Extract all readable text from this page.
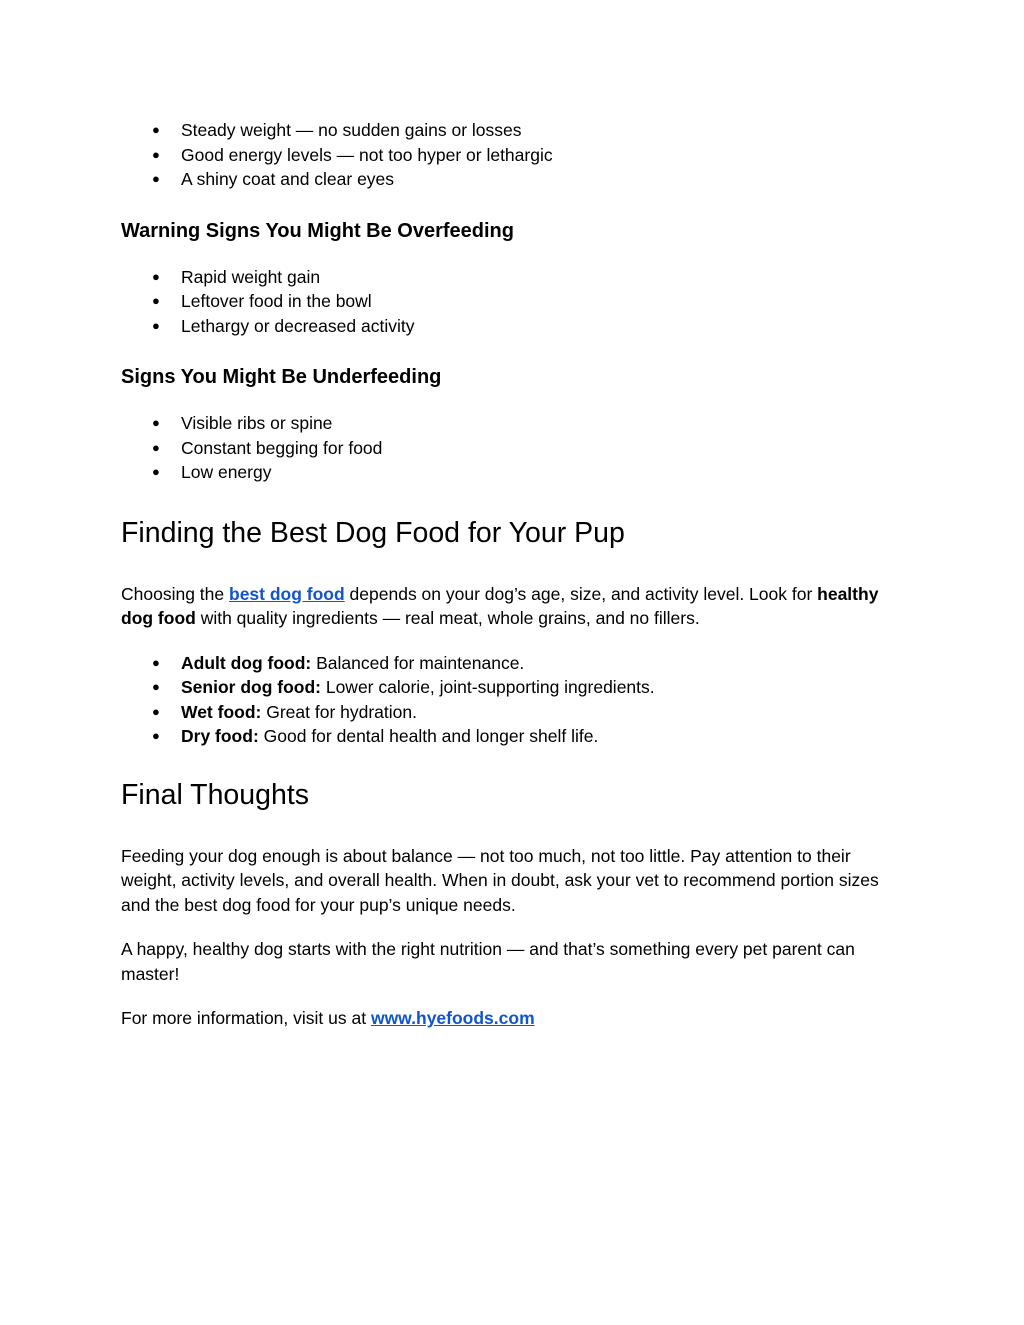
● Steady weight — no sudden gains or losses
● Good energy levels — not too hyper or lethargic
● A shiny coat and clear eyes
Warning Signs You Might Be Overfeeding
● Rapid weight gain
● Leftover food in the bowl
● Lethargy or decreased activity
Signs You Might Be Underfeeding
● Visible ribs or spine
● Constant begging for food
● Low energy
Finding the Best Dog Food for Your Pup

Choosing the best dog food depends on your dog’s age, size, and activity level. Look for healthy dog food with quality ingredients — real meat, whole grains, and no fillers.

● Adult dog food: Balanced for maintenance.
● Senior dog food: Lower calorie, joint-supporting ingredients.
● Wet food: Great for hydration.
● Dry food: Good for dental health and longer shelf life.
Final Thoughts

Feeding your dog enough is about balance — not too much, not too little. Pay attention to their weight, activity levels, and overall health. When in doubt, ask your vet to recommend portion sizes and the best dog food for your pup’s unique needs.

A happy, healthy dog starts with the right nutrition — and that’s something every pet parent can master!

For more information, visit us at www.hyefoods.com
